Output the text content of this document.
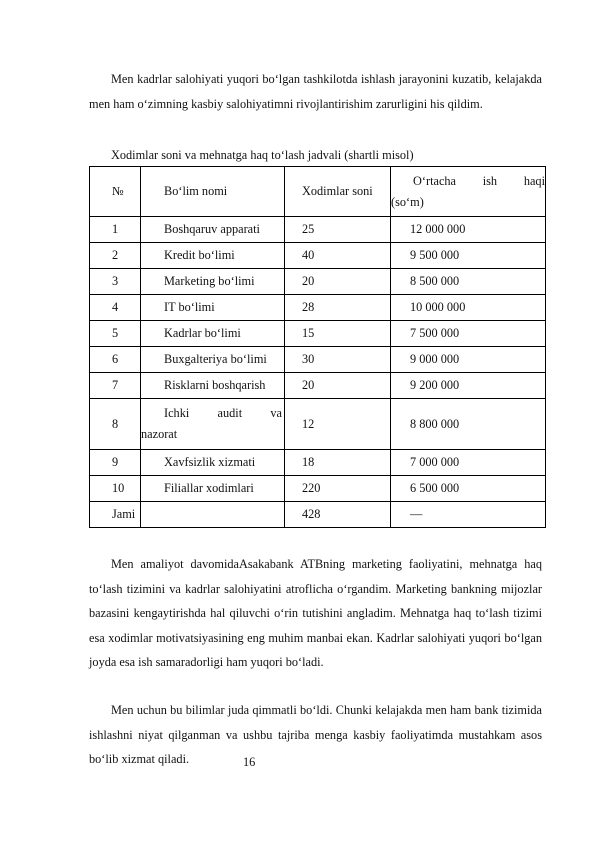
Men kadrlar salohiyati yuqori bo‘lgan tashkilotda ishlash jarayonini kuzatib, kelajakda men ham o‘zimning kasbiy salohiyatimni rivojlantirishim zarurligini his qildim.

Xodimlar soni va mehnatga haq to‘lash jadvali (shartli misol)

№	Bo‘lim nomi	Xodimlar soni	O‘rtacha ish haqi
(so‘m)

1	Boshqaruv apparati	25	12 000 000
2	Kredit bo‘limi	40	9 500 000
3	Marketing bo‘limi	20	8 500 000
4	IT bo‘limi	28	10 000 000
5	Kadrlar bo‘limi	15	7 500 000
6	Buxgalteriya bo‘limi	30	9 000 000
7	Risklarni boshqarish	20	9 200 000
8	Ichki audit va
nazorat	12	8 800 000
9	Xavfsizlik xizmati	18	7 000 000
10	Filiallar xodimlari	220	6 500 000
Jami		428	—

Men amaliyot davomidaAsakabank ATBning marketing faoliyatini, mehnatga haq to‘lash tizimini va kadrlar salohiyatini atroflicha o‘rgandim. Marketing bankning mijozlar bazasini kengaytirishda hal qiluvchi o‘rin tutishini angladim. Mehnatga haq to‘lash tizimi esa xodimlar motivatsiyasining eng muhim manbai ekan. Kadrlar salohiyati yuqori bo‘lgan joyda esa ish samaradorligi ham yuqori bo‘ladi.

Men uchun bu bilimlar juda qimmatli bo‘ldi. Chunki kelajakda men ham bank tizimida ishlashni niyat qilganman va ushbu tajriba menga kasbiy faoliyatimda mustahkam asos bo‘lib xizmat qiladi.	16
